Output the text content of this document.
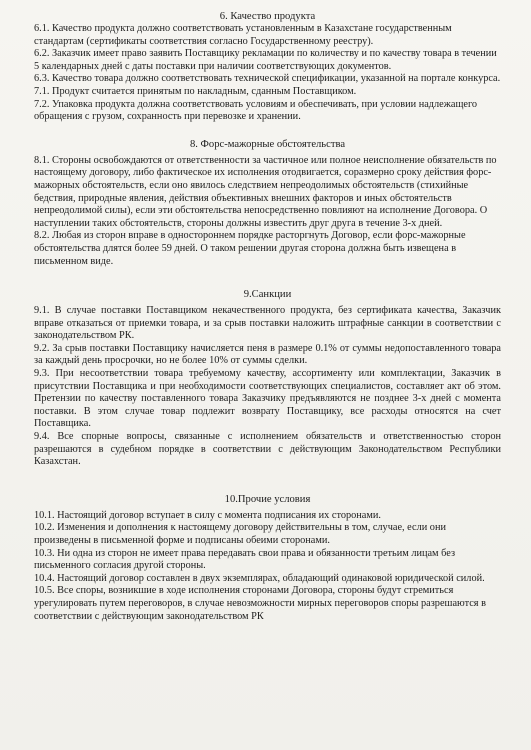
6. Качество продукта

6.1. Качество продукта должно соответствовать установленным в Казахстане государственным стандартам (сертификаты соответствия согласно Государственному реестру).

6.2. Заказчик имеет право заявить Поставщику рекламации по количеству и по качеству товара в течении 5 календарных дней с даты поставки при наличии соответствующих документов.

6.3. Качество товара должно соответствовать технической спецификации, указанной на портале конкурса.

7.1. Продукт считается принятым по накладным, сданным Поставщиком.

7.2. Упаковка продукта должна соответствовать условиям и обеспечивать, при условии надлежащего обращения с грузом, сохранность при перевозке и хранении.

8. Форс-мажорные обстоятельства

8.1. Стороны освобождаются от ответственности за частичное или полное неисполнение обязательств по настоящему договору, либо фактическое их исполнения отодвигается, соразмерно сроку действия форс- мажорных обстоятельств, если оно явилось следствием непреодолимых обстоятельств (стихийные бедствия, природные явления, действия объективных внешних факторов и иных обстоятельств непреодолимой силы), если эти обстоятельства непосредственно повлияют на исполнение Договора. О наступлении таких обстоятельств, стороны должны известить друг друга в течение 3-х дней.

8.2. Любая из сторон вправе в одностороннем порядке расторгнуть Договор, если форс-мажорные обстоятельства длятся более 59 дней. О таком решении другая сторона должна быть извещена в письменном виде.

9.Санкции

9.1. В случае поставки Поставщиком некачественного продукта, без сертификата качества, Заказчик вправе отказаться от приемки товара, и за срыв поставки наложить штрафные санкции в соответствии с законодательством РК.

9.2. За срыв поставки Поставщику начисляется пеня в размере 0.1% от суммы недопоставленного товара за каждый день просрочки, но не более 10% от суммы сделки.

9.3. При несоответствии товара требуемому качеству, ассортименту или комплектации, Заказчик в присутствии Поставщика и при необходимости соответствующих специалистов, составляет акт об этом. Претензии по качеству поставленного товара Заказчику предъявляются не позднее 3-х дней с момента поставки. В этом случае товар подлежит возврату Поставщику, все расходы относятся на счет Поставщика.

9.4. Все спорные вопросы, связанные с исполнением обязательств и ответственностью сторон разрешаются в судебном порядке в соответствии с действующим Законодательством Республики Казахстан.

10.Прочие условия

10.1. Настоящий договор вступает в силу с момента подписания их сторонами.

10.2. Изменения и дополнения к настоящему договору действительны в том, случае, если они произведены в письменной форме и подписаны обеими сторонами.

10.3. Ни одна из сторон не имеет права передавать свои права и обязанности третьим лицам без письменного согласия другой стороны.

10.4. Настоящий договор составлен в двух экземплярах, обладающий одинаковой юридической силой.

10.5. Все споры, возникшие в ходе исполнения сторонами Договора, стороны будут стремиться урегулировать путем переговоров, в случае невозможности мирных переговоров споры разрешаются в соответствии с действующим законодательством РК
